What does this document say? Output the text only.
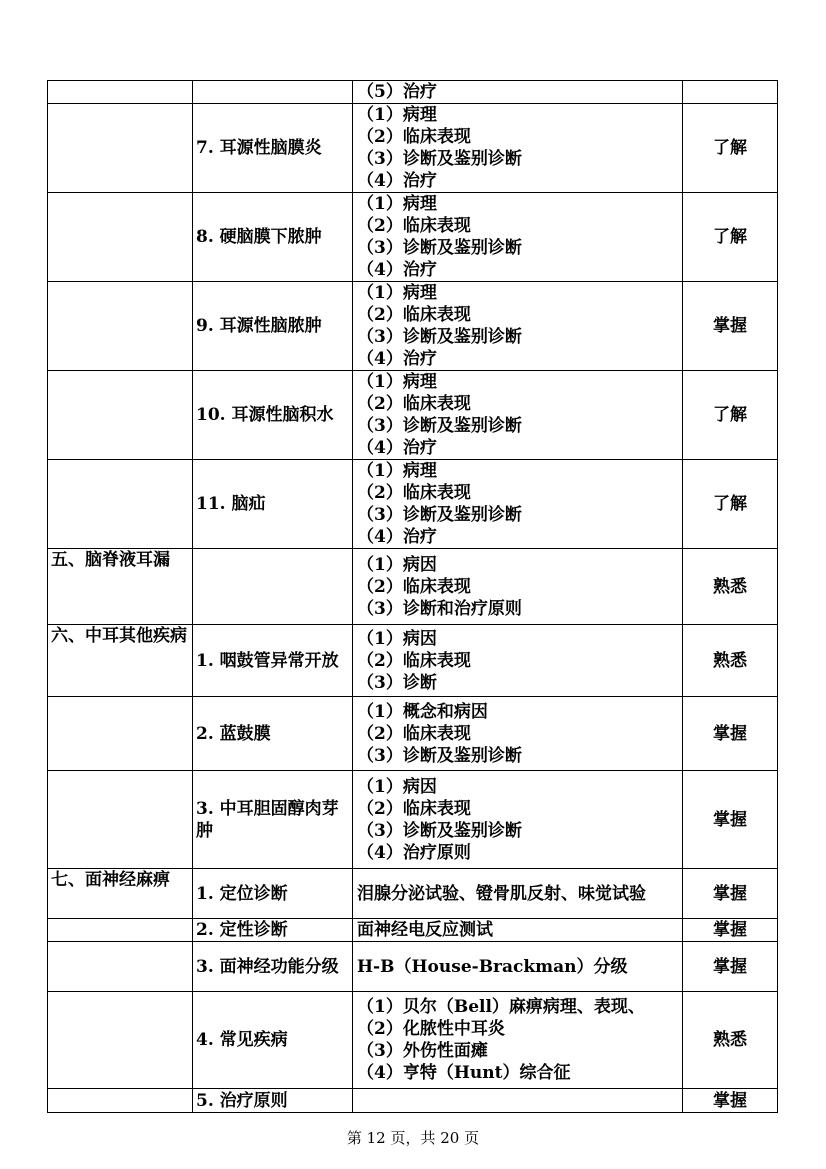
		（5）治疗	

	7. 耳源性脑膜炎	（1）病理
（2）临床表现
（3）诊断及鉴别诊断
（4）治疗	了解
	8. 硬脑膜下脓肿	（1）病理
（2）临床表现
（3）诊断及鉴别诊断
（4）治疗	了解
	9. 耳源性脑脓肿	（1）病理
（2）临床表现
（3）诊断及鉴别诊断
（4）治疗	掌握
	10. 耳源性脑积水	（1）病理
（2）临床表现
（3）诊断及鉴别诊断
（4）治疗	了解
	11. 脑疝	（1）病理
（2）临床表现
（3）诊断及鉴别诊断
（4）治疗	了解
五、脑脊液耳漏		（1）病因
（2）临床表现
（3）诊断和治疗原则	熟悉
六、中耳其他疾病	1. 咽鼓管异常开放	（1）病因
（2）临床表现
（3）诊断	熟悉
	2. 蓝鼓膜	（1）概念和病因
（2）临床表现
（3）诊断及鉴别诊断	掌握
	3. 中耳胆固醇肉芽肿	（1）病因
（2）临床表现
（3）诊断及鉴别诊断
（4）治疗原则	掌握
七、面神经麻痹	1. 定位诊断	泪腺分泌试验、镫骨肌反射、味觉试验	掌握
	2. 定性诊断	面神经电反应测试	掌握
	3. 面神经功能分级	H-B（House-Brackman）分级	掌握
	4. 常见疾病	（1）贝尔（Bell）麻痹病理、表现、
（2）化脓性中耳炎
（3）外伤性面瘫
（4）亨特（Hunt）综合征	熟悉
	5. 治疗原则		掌握
第 12 页，共 20 页
